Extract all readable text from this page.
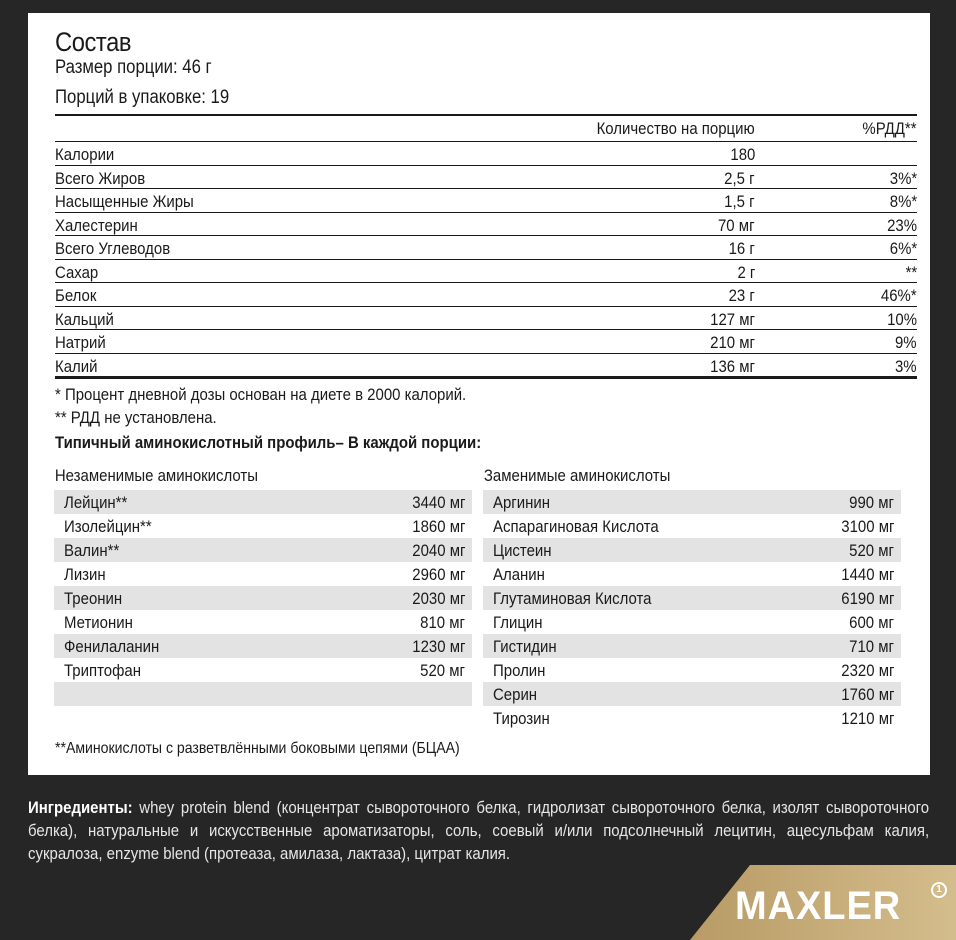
Состав
Размер порции: 46 г
Порций в упаковке: 19
Количество на порцию	%РДД**
Калории	180
Всего Жиров	2,5 г	3%*
Насыщенные Жиры	1,5 г	8%*
Халестерин	70 мг	23%
Всего Углеводов	16 г	6%*
Сахар	2 г	**
Белок	23 г	46%*
Кальций	127 мг	10%
Натрий	210 мг	9%
Калий	136 мг	3%
* Процент дневной дозы основан на диете в 2000 калорий.
** РДД не установлена.
Типичный аминокислотный профиль– В каждой порции:
Незаменимые аминокислоты
Лейцин**	3440 мг
Изолейцин**	1860 мг
Валин**	2040 мг
Лизин	2960 мг
Треонин	2030 мг
Метионин	810 мг
Фенилаланин	1230 мг
Триптофан	520 мг
Заменимые аминокислоты
Аргинин	990 мг
Аспарагиновая Кислота	3100 мг
Цистеин	520 мг
Аланин	1440 мг
Глутаминовая Кислота	6190 мг
Глицин	600 мг
Гистидин	710 мг
Пролин	2320 мг
Серин	1760 мг
Тирозин	1210 мг
**Аминокислоты с разветвлёнными боковыми цепями (БЦАА)
Ингредиенты: whey protein blend (концентрат сывороточного белка, гидролизат сывороточного белка, изолят сывороточного белка), натуральные и искусственные ароматизаторы, соль, соевый и/или подсолнечный лецитин, ацесульфам калия, сукралоза, enzyme blend (протеаза, амилаза, лактаза), цитрат калия.
MAXLER	1
